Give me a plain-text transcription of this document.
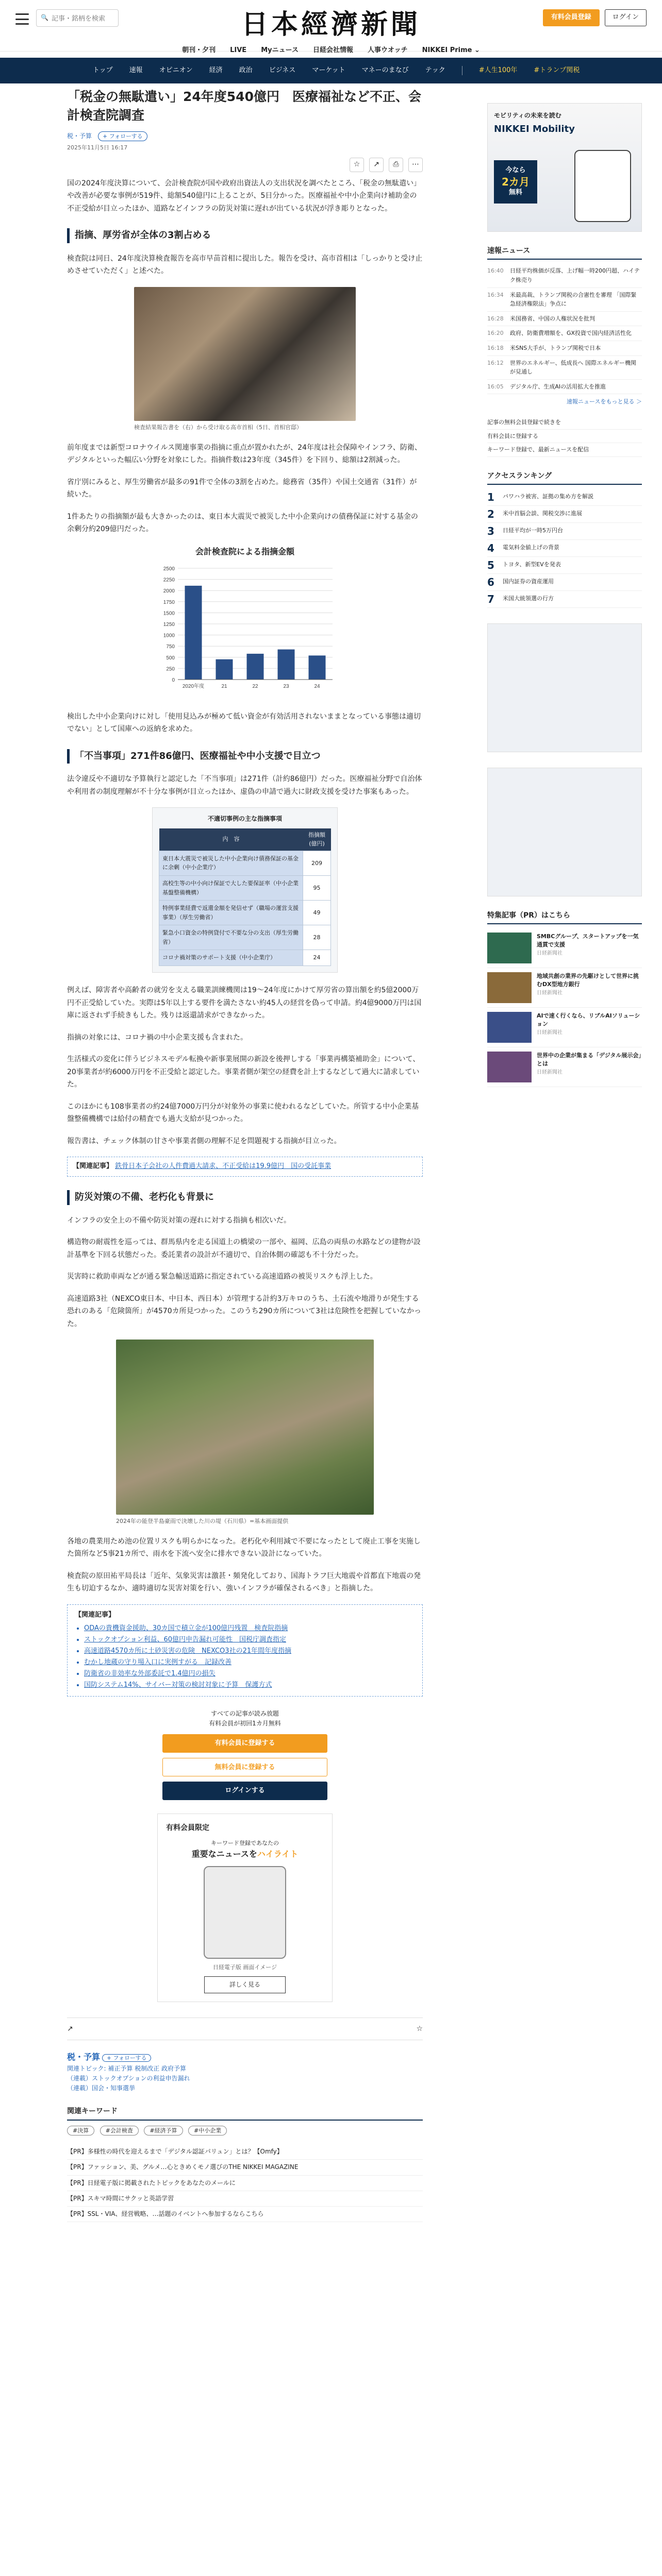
🔍
記事・銘柄を検索	日本經濟新聞	有料会員登録	ログイン
朝刊・夕刊 LIVE Myニュース 日経会社情報 人事ウオッチ NIKKEI Prime ⌄
トップ 速報 オピニオン 経済 政治 ビジネス マーケット マネーのまなび テック	#人生100年 #トランプ関税
「税金の無駄遣い」24年度540億円　医療福祉など不正、会計検査院調査
税・予算	+ フォローする
2025年11月5日 16:17
☆	↗	⎙	⋯

国の2024年度決算について、会計検査院が国や政府出資法人の支出状況を調べたところ、「税金の無駄遣い」や改善が必要な事例が519件、総額540億円に上ることが、5日分かった。医療福祉や中小企業向け補助金の不正受給が目立ったほか、道路などインフラの防災対策に遅れが出ている状況が浮き彫りとなった。

指摘、厚労省が全体の3割占める

検査院は同日、24年度決算検査報告を高市早苗首相に提出した。報告を受け、高市首相は「しっかりと受け止めさせていただく」と述べた。

検査結果報告書を（右）から受け取る高市首相（5日、首相官邸）

前年度までは新型コロナウイルス関連事業の指摘に重点が置かれたが、24年度は社会保障やインフラ、防衛、デジタルといった幅広い分野を対象にした。指摘件数は23年度（345件）を下回り、総額は2割減った。

省庁別にみると、厚生労働省が最多の91件で全体の3割を占めた。総務省（35件）や国土交通省（31件）が続いた。

1件あたりの指摘額が最も大きかったのは、東日本大震災で被災した中小企業向けの債務保証に対する基金の余剰分約209億円だった。

会計検査院による指摘金額
0
250
500
750
1000
1250
1500
1750
2000
2250
2500
2020年度	21	22	23	24

検出した中小企業向けに対し「使用見込みが極めて低い資金が有効活用されないままとなっている事態は適切でない」として国庫への返納を求めた。

「不当事項」271件86億円、医療福祉や中小支援で目立つ

法令違反や不適切な予算執行と認定した「不当事項」は271件（計約86億円）だった。医療福祉分野で自治体や利用者の制度理解が不十分な事例が目立ったほか、虚偽の申請で過大に財政支援を受けた事案もあった。

不適切事例の主な指摘事項
内　容	指摘額(億円)
東日本大震災で被災した中小企業向け債務保証の基金に余剰（中小企業庁）	209
高校生等の中小向け保証で大した要保証率（中小企業基盤整備機構）	95
特例事業経費で返還金額を発信せず（職場の運営支援事業）（厚生労働省）	49
緊急小口資金の特例貸付で不要な分の支出（厚生労働省）	28
コロナ禍対策のサポート支援（中小企業庁）	24

例えば、障害者や高齢者の就労を支える職業訓練機関は19〜24年度にかけて厚労省の算出額を約5億2000万円不正受給していた。実際は5年以上する要件を満たさない約45人の経営を偽って申請。約4億9000万円は国庫に返されず手続きもした。残りは返還請求ができなかった。

指摘の対象には、コロナ禍の中小企業支援も含まれた。

生活様式の変化に伴うビジネスモデル転換や新事業展開の新設を後押しする「事業再構築補助金」について、20事業者が約6000万円を不正受給と認定した。事業者側が架空の経費を計上するなどして過大に請求していた。

このほかにも108事業者の約24億7000万円分が対象外の事業に使われるなどしていた。所管する中小企業基盤整備機構では給付の精査でも過大支給が見つかった。

報告書は、チェック体制の甘さや事業者側の理解不足を問題視する指摘が目立った。

【関連記事】 鉄骨日本子会社の人件費過大請求、不正受給は19.9億円　国の受託事業
防災対策の不備、老朽化も背景に

インフラの安全上の不備や防災対策の遅れに対する指摘も相次いだ。

構造物の耐震性を巡っては、群馬県内を走る国道上の橋梁の一部や、福岡、広島の両県の水路などの建物が設計基準を下回る状態だった。委託業者の設計が不適切で、自治体側の確認も不十分だった。

災害時に救助車両などが通る緊急輸送道路に指定されている高速道路の被災リスクも浮上した。

高速道路3社（NEXCO東日本、中日本、西日本）が管理する計約3万キロのうち、土石流や地滑りが発生する恐れのある「危険箇所」が4570カ所見つかった。このうち290カ所について3社は危険性を把握していなかった。

2024年の能登半島豪雨で決壊した川の堤（石川県）=基本画面提供

各地の農業用ため池の位置リスクも明らかになった。老朽化や利用減で不要になったとして廃止工事を実施した箇所など5事21カ所で、雨水を下流へ安全に排水できない設計になっていた。

検査院の原田祐平局長は「近年、気象災害は激甚・頻発化しており、国海トラフ巨大地震や首都直下地震の発生も切迫するなか、適時適切な災害対策を行い、強いインフラが確保されるべき」と指摘した。

【関連記事】
• ODAの貴機資金援助、30カ国で積立金が100億円残置　検査院指摘
• ストックオプション利益、60億円申告漏れ可能性　国税庁調査指定
• 高速道路4570カ所に土砂災害の危険　NEXCO3社の21年間年度指摘
• むかし地蔵の守り場入口に実例すがる　記録改善
• 防衛省の非効率な外部委託で1.4億円の損失
• 国防システム14%、サイバー対策の検討対象に予算　保護方式
すべての記事が読み放題
有料会員が初回1カ月無料
有料会員に登録する
無料会員に登録する
ログインする
有料会員限定
キーワード登録であなたの
重要なニュースをハイライト
日経電子版 画面イメージ
詳しく見る
↗	☆
税・予算 + フォローする
関連トピック: 補正予算 税制改正 政府予算
（連載）ストックオプションの利益申告漏れ
（連載）国会・知事選挙
関連キーワード
#決算	#会計検査	#経済予算	#中小企業
【PR】多様性の時代を迎えるまで「デジタル認証パリュン」とは？【Omfy】
【PR】ファッション、美、グルメ…心ときめくモノ選びのTHE NIKKEI MAGAZINE
【PR】日経電子版に掲載されたトピックをあなたのメールに
【PR】スキマ時間にサクッと英語学習
【PR】SSL・VIA、経営戦略、…話題のイベントへ参加するならこちら
モビリティの未来を読む
NIKKEI Mobility
今なら
2カ月
無料
速報ニュース
16:40 日経平均株価が反落、上げ幅一時200円超、ハイテク株売り
16:34 米最高裁、トランプ関税の合憲性を審理 「国際緊急経済権限法」争点に
16:28 米国務省、中国の人権状況を批判
16:20 政府、防衛費増額を、GX投資で国内経済活性化
16:18 米SNS大手が、トランプ関税で日本
16:12 世界のエネルギー、低成長へ 国際エネルギー機関が見通し
16:05 デジタル庁、生成AIの活用拡大を推進
速報ニュースをもっと見る ＞
記事の無料会員登録で続きを
有料会員に登録する
キーワード登録で、最新ニュースを配信
アクセスランキング
1	パワハラ被害、証拠の集め方を解説
2	米中首脳会談、関税交渉に進展
3	日経平均が一時5万円台
4	電気料金値上げの背景
5	トヨタ、新型EVを発表
6	国内証券の資産運用
7	米国大統領選の行方
特集記事（PR）はこちら
SMBCグループ、スタートアップを一気通貫で支援
日経新聞社
地域共創の業界の先駆けとして世界に挑むDX型地方銀行
日経新聞社
AIで速く行くなら、リブルAIソリューション
日経新聞社
世界中の企業が集まる「デジタル展示会」とは
日経新聞社
